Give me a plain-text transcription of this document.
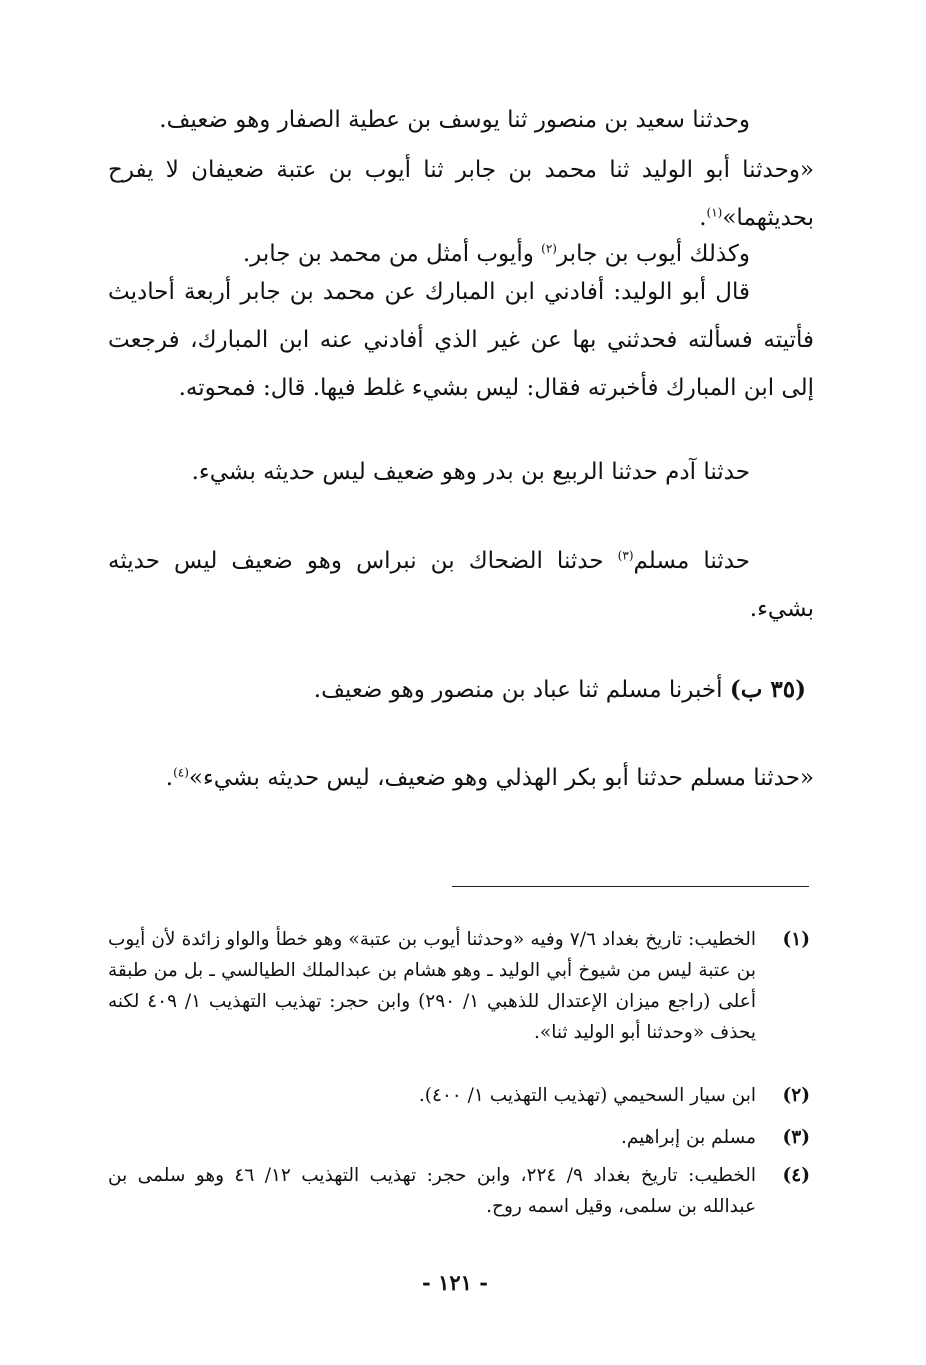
وحدثنا سعيد بن منصور ثنا يوسف بن عطية الصفار وهو ضعيف.

«وحدثنا أبو الوليد ثنا محمد بن جابر ثنا أيوب بن عتبة ضعيفان لا يفرح بحديثهما»$^{(١)}$.

وكذلك أيوب بن جابر$^{(٢)}$ وأيوب أمثل من محمد بن جابر.

قال أبو الوليد: أفادني ابن المبارك عن محمد بن جابر أربعة أحاديث فأتيته فسألته فحدثني بها عن غير الذي أفادني عنه ابن المبارك، فرجعت إلى ابن المبارك فأخبرته فقال: ليس بشيء غلط فيها. قال: فمحوته.

حدثنا آدم حدثنا الربيع بن بدر وهو ضعيف ليس حديثه بشيء.

حدثنا مسلم$^{(٣)}$ حدثنا الضحاك بن نبراس وهو ضعيف ليس حديثه بشيء.

(٣٥ ب) أخبرنا مسلم ثنا عباد بن منصور وهو ضعيف.

«حدثنا مسلم حدثنا أبو بكر الهذلي وهو ضعيف، ليس حديثه بشيء»$^{(٤)}$.

(١)
الخطيب: تاريخ بغداد ٧/٦ وفيه «وحدثنا أيوب بن عتبة» وهو خطأ والواو زائدة لأن أيوب بن عتبة ليس من شيوخ أبي الوليد ـ وهو هشام بن عبدالملك الطيالسي ـ بل من طبقة أعلى (راجع ميزان الإعتدال للذهبي ١/ ٢٩٠) وابن حجر: تهذيب التهذيب ١/ ٤٠٩ لكنه يحذف «وحدثنا أبو الوليد ثنا».
(٢)
ابن سيار السحيمي (تهذيب التهذيب ١/ ٤٠٠).
(٣)
مسلم بن إبراهيم.
(٤)
الخطيب: تاريخ بغداد ٩/ ٢٢٤، وابن حجر: تهذيب التهذيب ١٢/ ٤٦ وهو سلمى بن عبدالله بن سلمى، وقيل اسمه روح.
- ١٢١ -
